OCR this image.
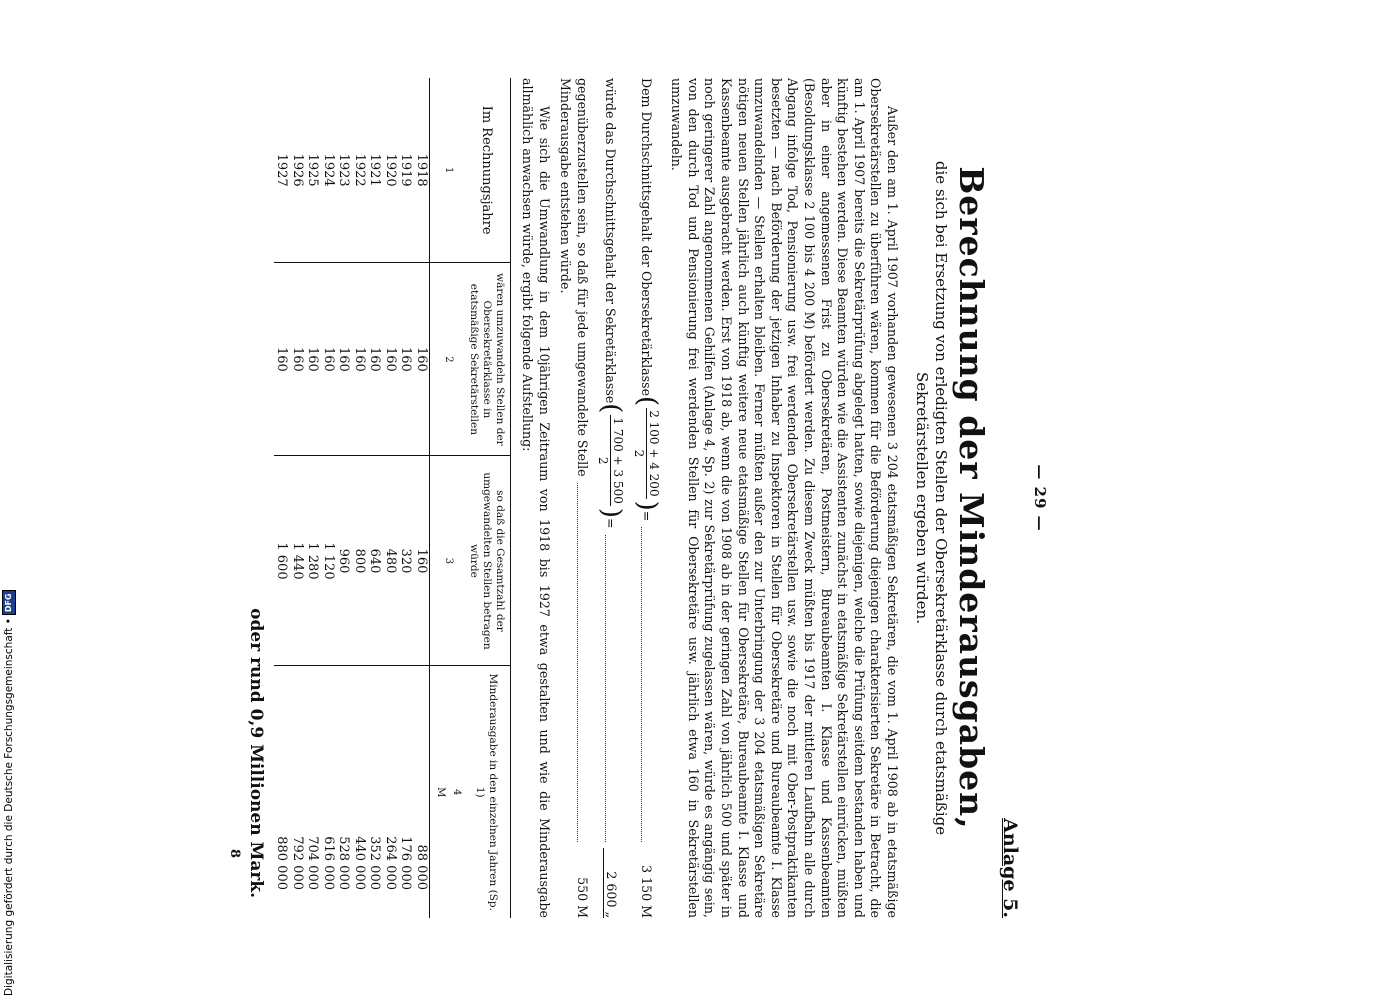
— 29 —
Anlage 5.
Berechnung der Minderausgaben,
die sich bei Ersetzung von erledigten Stellen der Obersekretärklasse durch etatsmäßige Sekretärstellen ergeben würden.

Außer den am 1. April 1907 vorhanden gewesenen 3 204 etatsmäßigen Sekretären, die vom 1. April 1908 ab in etatsmäßige Obersekretärstellen zu überführen wären, kommen für die Beförderung diejenigen charakterisierten Sekretäre in Betracht, die am 1. April 1907 bereits die Sekretärprüfung abgelegt hatten, sowie diejenigen, welche die Prüfung seitdem bestanden haben und künftig bestehen werden. Diese Beamten würden wie die Assistenten zunächst in etatsmäßige Sekretärstellen einrücken, müßten aber in einer angemessenen Frist zu Obersekretären, Postmeistern, Bureaubeamten I. Klasse und Kassenbeamten (Besoldungsklasse 2 100 bis 4 200 M) befördert werden. Zu diesem Zweck müßten bis 1917 der mittleren Laufbahn alle durch Abgang infolge Tod, Pensionierung usw. frei werdenden Obersekretärstellen usw. sowie die noch mit Ober-Postpraktikanten besetzten — nach Beförderung der jetzigen Inhaber zu Inspektoren in Stellen für Obersekretäre und Bureaubeamte I. Klasse umzuwandelnden — Stellen erhalten bleiben. Ferner müßten außer den zur Unterbringung der 3 204 etatsmäßigen Sekretäre nötigen neuen Stellen jährlich auch künftig weitere neue etatsmäßige Stellen für Obersekretäre, Bureaubeamte I. Klasse und Kassenbeamte ausgebracht werden. Erst von 1918 ab, wenn die von 1908 ab in der geringen Zahl von jährlich 500 und später in noch geringerer Zahl angenommenen Gehilfen (Anlage 4, Sp. 2) zur Sekretärprüfung zugelassen wären, würde es angängig sein, von den durch Tod und Pensionierung frei werdenden Stellen für Obersekretäre usw. jährlich etwa 160 in Sekretärstellen umzuwandeln.

Dem Durchschnittsgehalt der Obersekretärklasse
(
2 100 + 4 200
2
)
=
3 150 M
würde das Durchschnittsgehalt der Sekretärklasse
(
1 700 + 3 500
2
)
=
2 600 „
gegenüberzustellen sein, so daß für jede umgewandelte Stelle
550 M
Minderausgabe entstehen würde.

Wie sich die Umwandlung in dem 10jährigen Zeitraum von 1918 bis 1927 etwa gestalten und wie die Minderausgabe allmählich anwachsen würde, ergibt folgende Aufstellung:

Im Rechnungsjahre	wären umzuwandeln Stellen der Obersekretärklasse in etatsmäßige Sekretärstellen	so daß die Gesamtzahl der umgewandelten Stellen betragen würde	Minderausgabe in den einzelnen Jahren (Sp. 1)
1	2	3	4
M
1918	160	160	88 000
1919	160	320	176 000
1920	160	480	264 000
1921	160	640	352 000
1922	160	800	440 000
1923	160	960	528 000
1924	160	1 120	616 000
1925	160	1 280	704 000
1926	160	1 440	792 000
1927	160	1 600	880 000
oder rund 0,9 Millionen Mark.
8
Digitalisierung gefördert durch die Deutsche Forschungsgemeinschaft •
DFG
